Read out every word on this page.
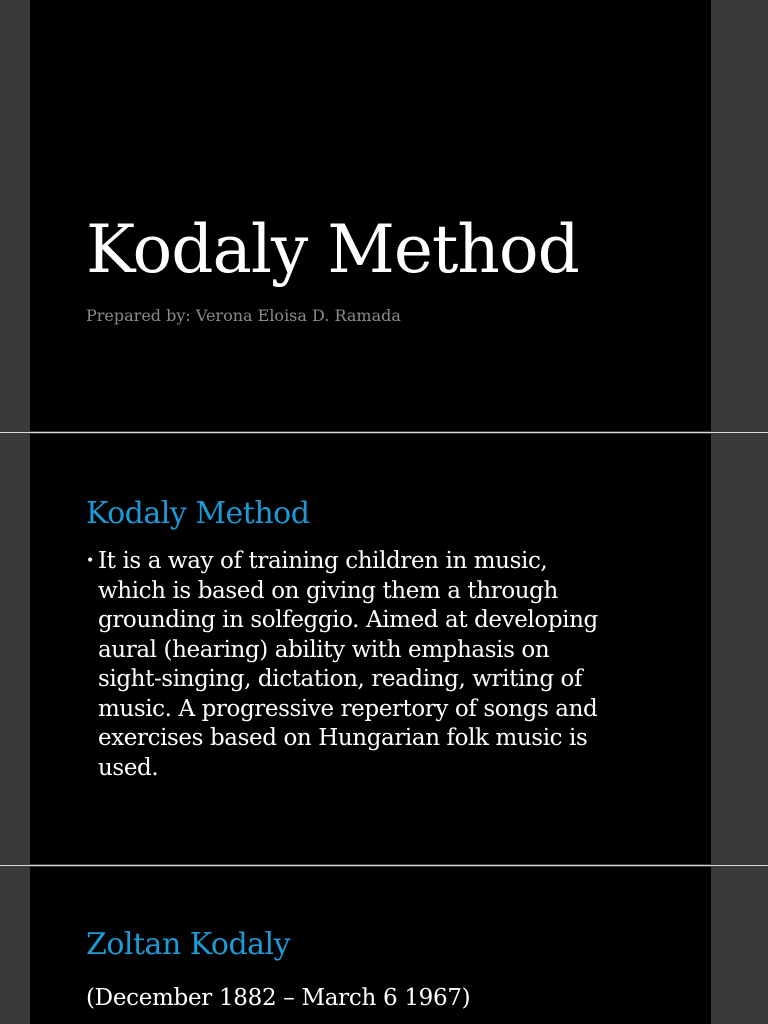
Kodaly Method

Prepared by: Verona Eloisa D. Ramada

Kodaly Method
• It is a way of training children in music, which is based on giving them a through grounding in solfeggio. Aimed at developing aural (hearing) ability with emphasis on sight-singing, dictation, reading, writing of music. A progressive repertory of songs and exercises based on Hungarian folk music is used.
Zoltan Kodaly

(December 1882 – March 6 1967)
